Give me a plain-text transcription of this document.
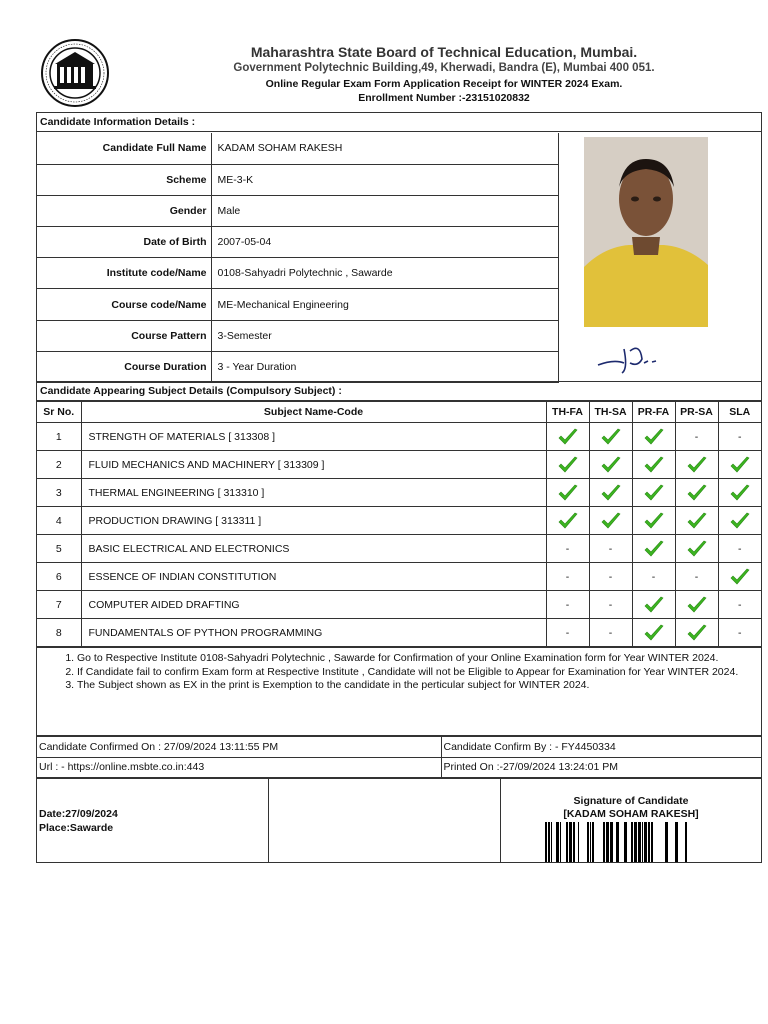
Maharashtra State Board of Technical Education, Mumbai.
Government Polytechnic Building,49, Kherwadi, Bandra (E), Mumbai 400 051.
Online Regular Exam Form Application Receipt for WINTER 2024 Exam.
Enrollment Number :-23151020832
Candidate Information Details :
Candidate Full Name	KADAM SOHAM RAKESH
Scheme	ME-3-K
Gender	Male
Date of Birth	2007-05-04
Institute code/Name	0108-Sahyadri Polytechnic , Sawarde
Course code/Name	ME-Mechanical Engineering
Course Pattern	3-Semester
Course Duration	3 - Year Duration
Candidate Appearing Subject Details (Compulsory Subject) :
Sr No.	Subject Name-Code	TH-FA	TH-SA	PR-FA	PR-SA	SLA
1	STRENGTH OF MATERIALS [ 313308 ]				-	-
2	FLUID MECHANICS AND MACHINERY [ 313309 ]					
3	THERMAL ENGINEERING [ 313310 ]					
4	PRODUCTION DRAWING [ 313311 ]					
5	BASIC ELECTRICAL AND ELECTRONICS	-	-			-
6	ESSENCE OF INDIAN CONSTITUTION	-	-	-	-	
7	COMPUTER AIDED DRAFTING	-	-			-
8	FUNDAMENTALS OF PYTHON PROGRAMMING	-	-			-
1. Go to Respective Institute 0108-Sahyadri Polytechnic , Sawarde for Confirmation of your Online Examination form for Year WINTER 2024.
2. If Candidate fail to confirm Exam form at Respective Institute , Candidate will not be Eligible to Appear for Examination for Year WINTER 2024.
3. The Subject shown as EX in the print is Exemption to the candidate in the perticular subject for WINTER 2024.
Candidate Confirmed On : 27/09/2024 13:11:55 PM	Candidate Confirm By : - FY4450334
Url : - https://online.msbte.co.in:443	Printed On :-27/09/2024 13:24:01 PM
Date:27/09/2024
Place:Sawarde
Signature of Candidate
[KADAM SOHAM RAKESH]
